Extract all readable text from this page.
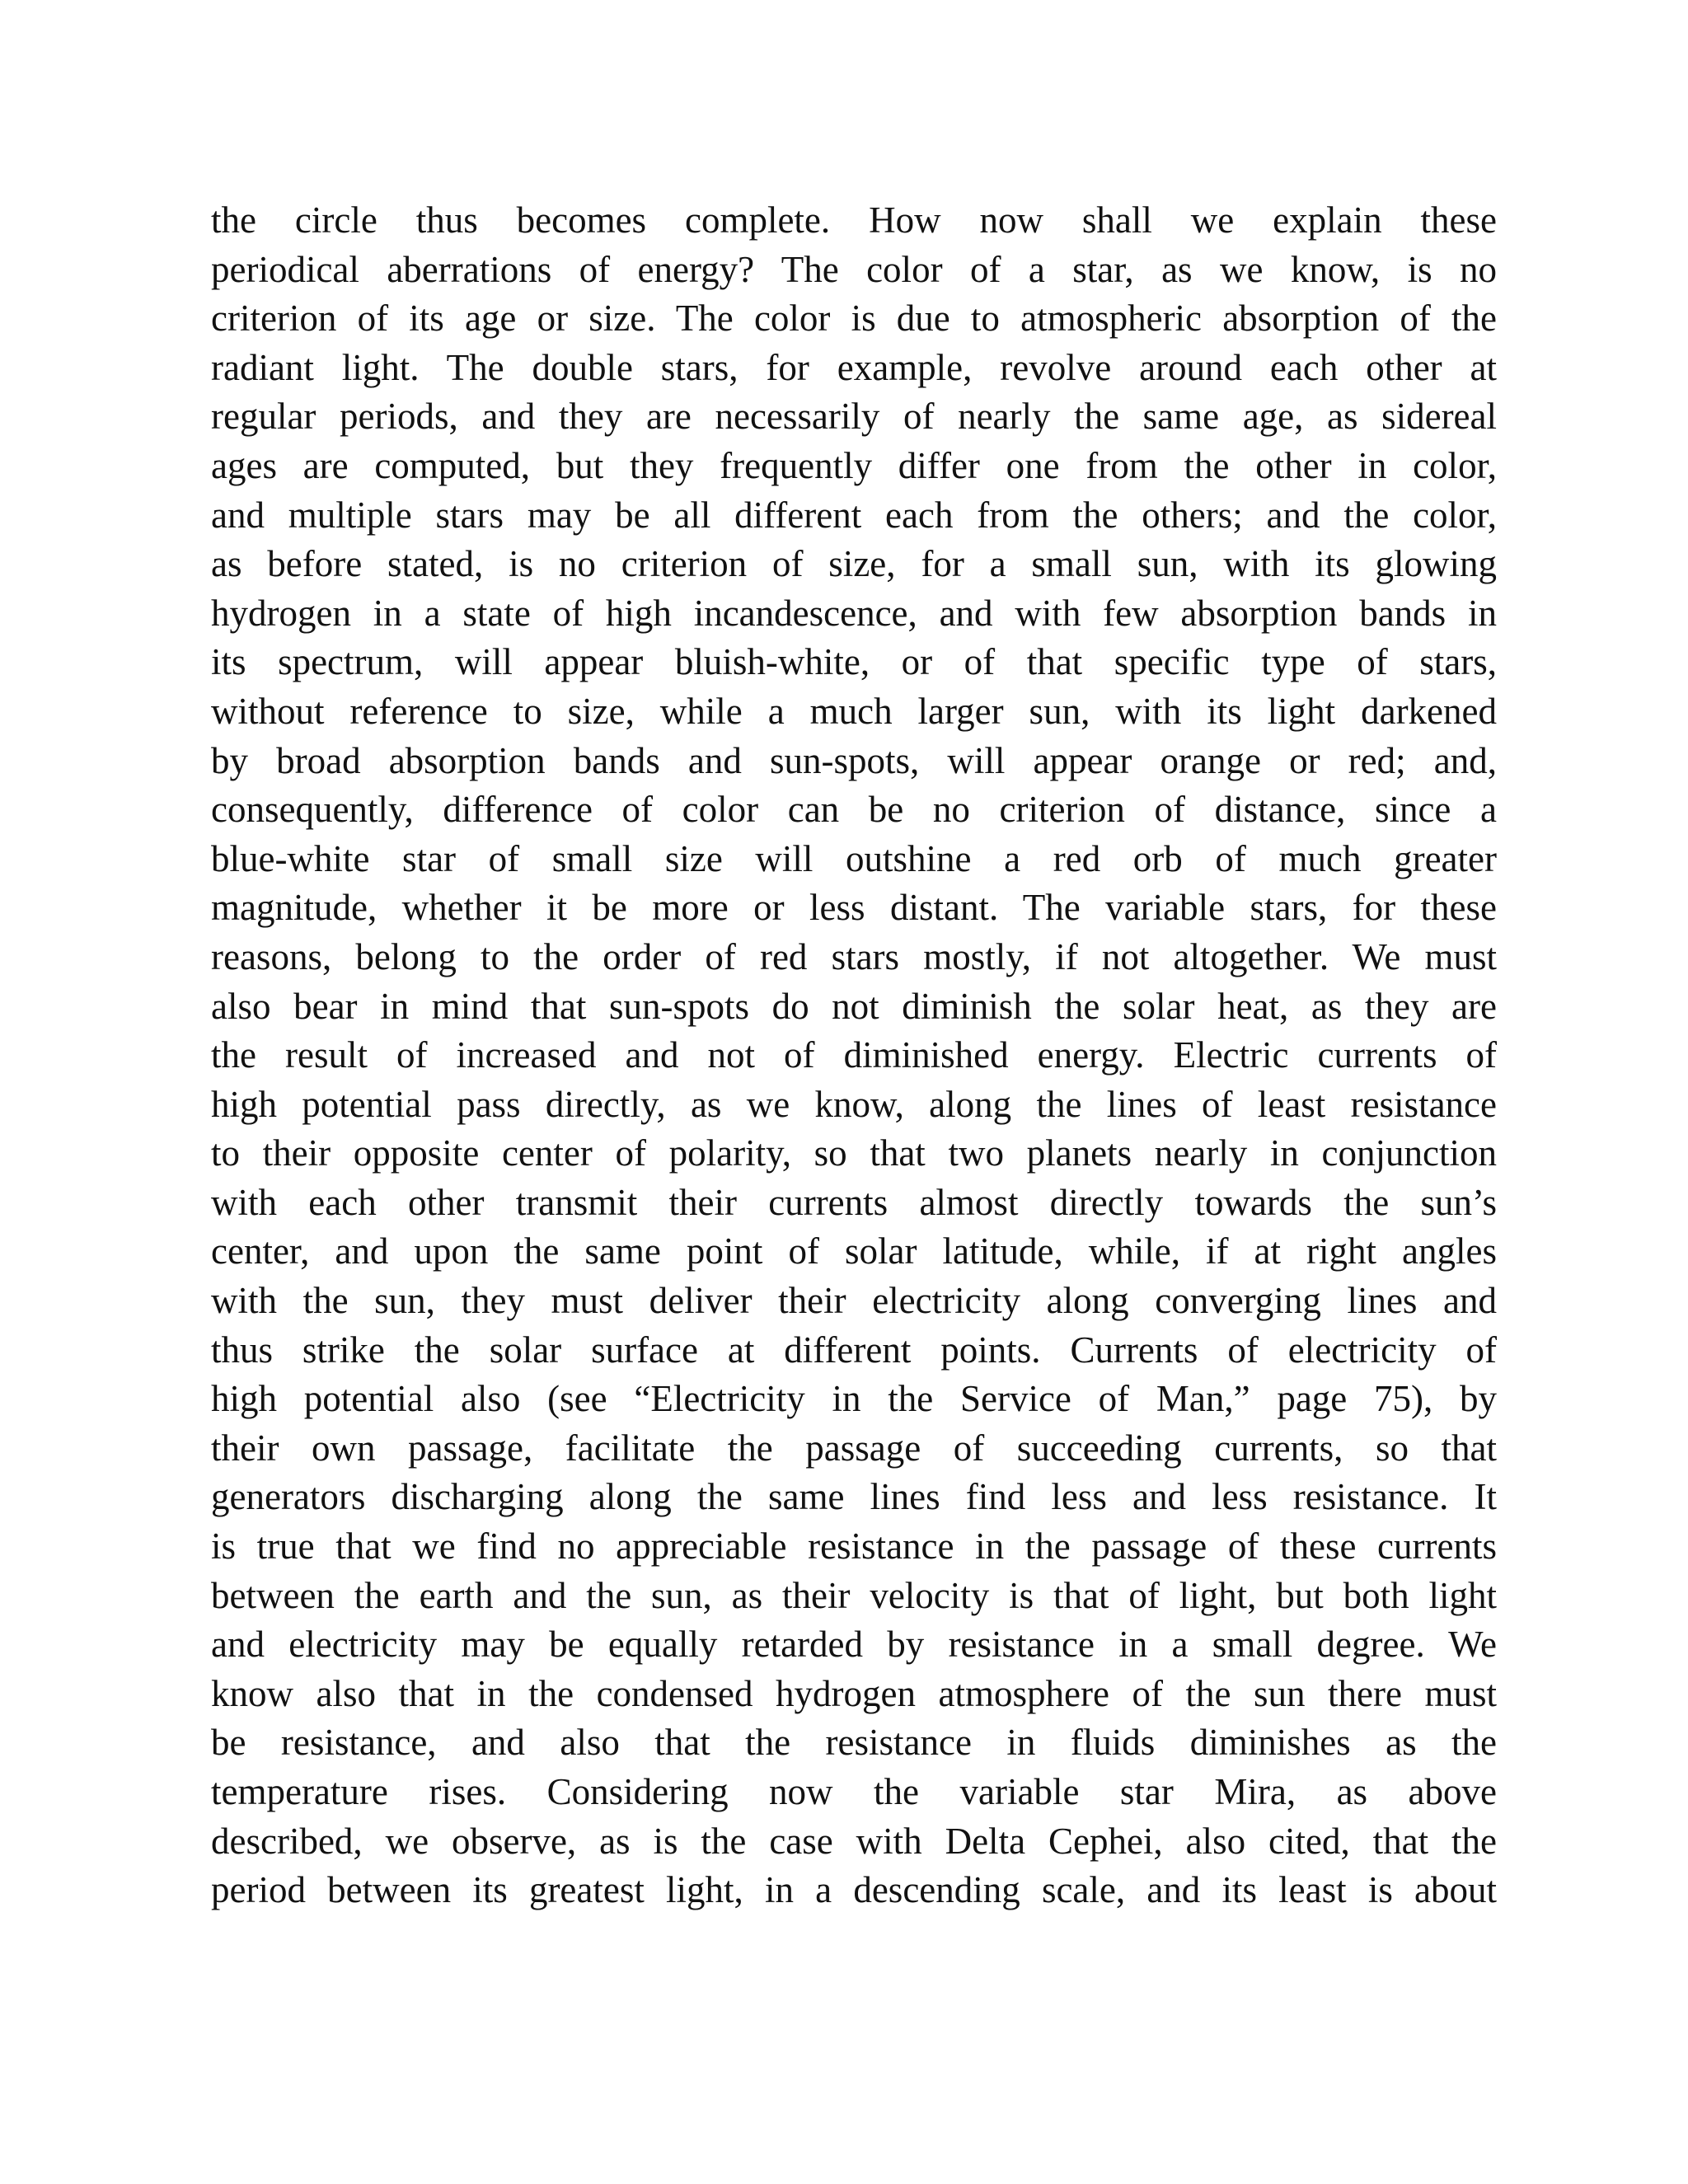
the circle thus becomes complete. How now shall we explain these
periodical aberrations of energy? The color of a star, as we know, is no
criterion of its age or size. The color is due to atmospheric absorption of the
radiant light. The double stars, for example, revolve around each other at
regular periods, and they are necessarily of nearly the same age, as sidereal
ages are computed, but they frequently differ one from the other in color,
and multiple stars may be all different each from the others; and the color,
as before stated, is no criterion of size, for a small sun, with its glowing
hydrogen in a state of high incandescence, and with few absorption bands in
its spectrum, will appear bluish-white, or of that specific type of stars,
without reference to size, while a much larger sun, with its light darkened
by broad absorption bands and sun-spots, will appear orange or red; and,
consequently, difference of color can be no criterion of distance, since a
blue-white star of small size will outshine a red orb of much greater
magnitude, whether it be more or less distant. The variable stars, for these
reasons, belong to the order of red stars mostly, if not altogether. We must
also bear in mind that sun-spots do not diminish the solar heat, as they are
the result of increased and not of diminished energy. Electric currents of
high potential pass directly, as we know, along the lines of least resistance
to their opposite center of polarity, so that two planets nearly in conjunction
with each other transmit their currents almost directly towards the sun’s
center, and upon the same point of solar latitude, while, if at right angles
with the sun, they must deliver their electricity along converging lines and
thus strike the solar surface at different points. Currents of electricity of
high potential also (see “Electricity in the Service of Man,” page 75), by
their own passage, facilitate the passage of succeeding currents, so that
generators discharging along the same lines find less and less resistance. It
is true that we find no appreciable resistance in the passage of these currents
between the earth and the sun, as their velocity is that of light, but both light
and electricity may be equally retarded by resistance in a small degree. We
know also that in the condensed hydrogen atmosphere of the sun there must
be resistance, and also that the resistance in fluids diminishes as the
temperature rises. Considering now the variable star Mira, as above
described, we observe, as is the case with Delta Cephei, also cited, that the
period between its greatest light, in a descending scale, and its least is about
